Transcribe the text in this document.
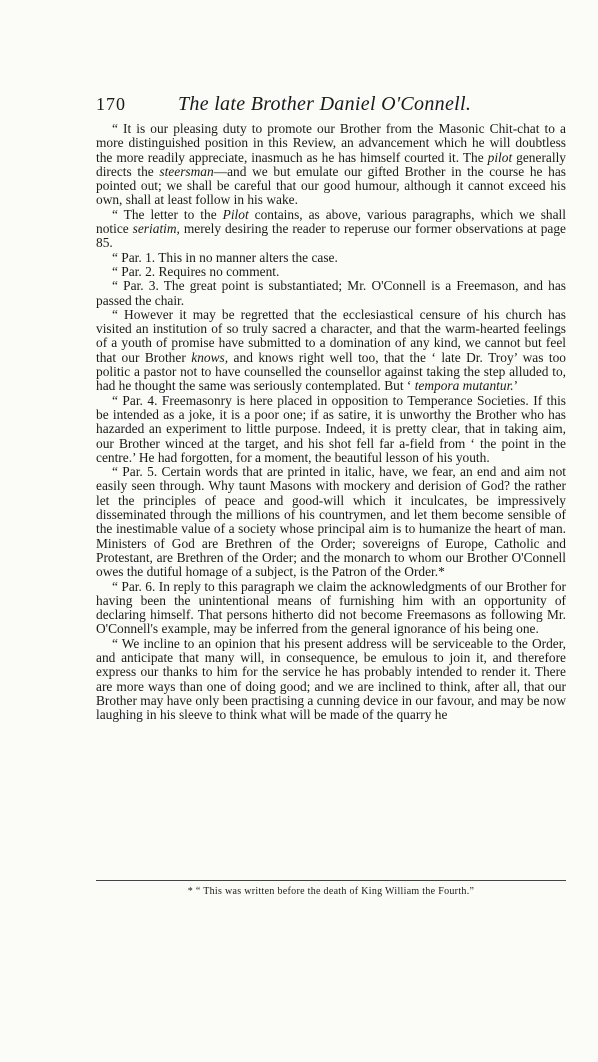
170	The late Brother Daniel O'Connell.

“ It is our pleasing duty to promote our Brother from the Masonic Chit-chat to a more distinguished position in this Review, an advancement which he will doubtless the more readily appreciate, inasmuch as he has himself courted it. The pilot generally directs the steersman—and we but emulate our gifted Brother in the course he has pointed out; we shall be careful that our good humour, although it cannot exceed his own, shall at least follow in his wake.

“ The letter to the Pilot contains, as above, various paragraphs, which we shall notice seriatim, merely desiring the reader to reperuse our former observations at page 85.

“ Par. 1. This in no manner alters the case.

“ Par. 2. Requires no comment.

“ Par. 3. The great point is substantiated; Mr. O'Connell is a Freemason, and has passed the chair.

“ However it may be regretted that the ecclesiastical censure of his church has visited an institution of so truly sacred a character, and that the warm-hearted feelings of a youth of promise have submitted to a domination of any kind, we cannot but feel that our Brother knows, and knows right well too, that the ‘ late Dr. Troy’ was too politic a pastor not to have counselled the counsellor against taking the step alluded to, had he thought the same was seriously contemplated. But ‘ tempora mutantur.’

“ Par. 4. Freemasonry is here placed in opposition to Temperance Societies. If this be intended as a joke, it is a poor one; if as satire, it is unworthy the Brother who has hazarded an experiment to little purpose. Indeed, it is pretty clear, that in taking aim, our Brother winced at the target, and his shot fell far a-field from ‘ the point in the centre.’ He had forgotten, for a moment, the beautiful lesson of his youth.

“ Par. 5. Certain words that are printed in italic, have, we fear, an end and aim not easily seen through. Why taunt Masons with mockery and derision of God? the rather let the principles of peace and good-will which it inculcates, be impressively disseminated through the millions of his countrymen, and let them become sensible of the inestimable value of a society whose principal aim is to humanize the heart of man. Ministers of God are Brethren of the Order; sovereigns of Europe, Catholic and Protestant, are Brethren of the Order; and the monarch to whom our Brother O'Connell owes the dutiful homage of a subject, is the Patron of the Order.*

“ Par. 6. In reply to this paragraph we claim the acknowledgments of our Brother for having been the unintentional means of furnishing him with an opportunity of declaring himself. That persons hitherto did not become Freemasons as following Mr. O'Connell's example, may be inferred from the general ignorance of his being one.

“ We incline to an opinion that his present address will be serviceable to the Order, and anticipate that many will, in consequence, be emulous to join it, and therefore express our thanks to him for the service he has probably intended to render it. There are more ways than one of doing good; and we are inclined to think, after all, that our Brother may have only been practising a cunning device in our favour, and may be now laughing in his sleeve to think what will be made of the quarry he

* “ This was written before the death of King William the Fourth.”
